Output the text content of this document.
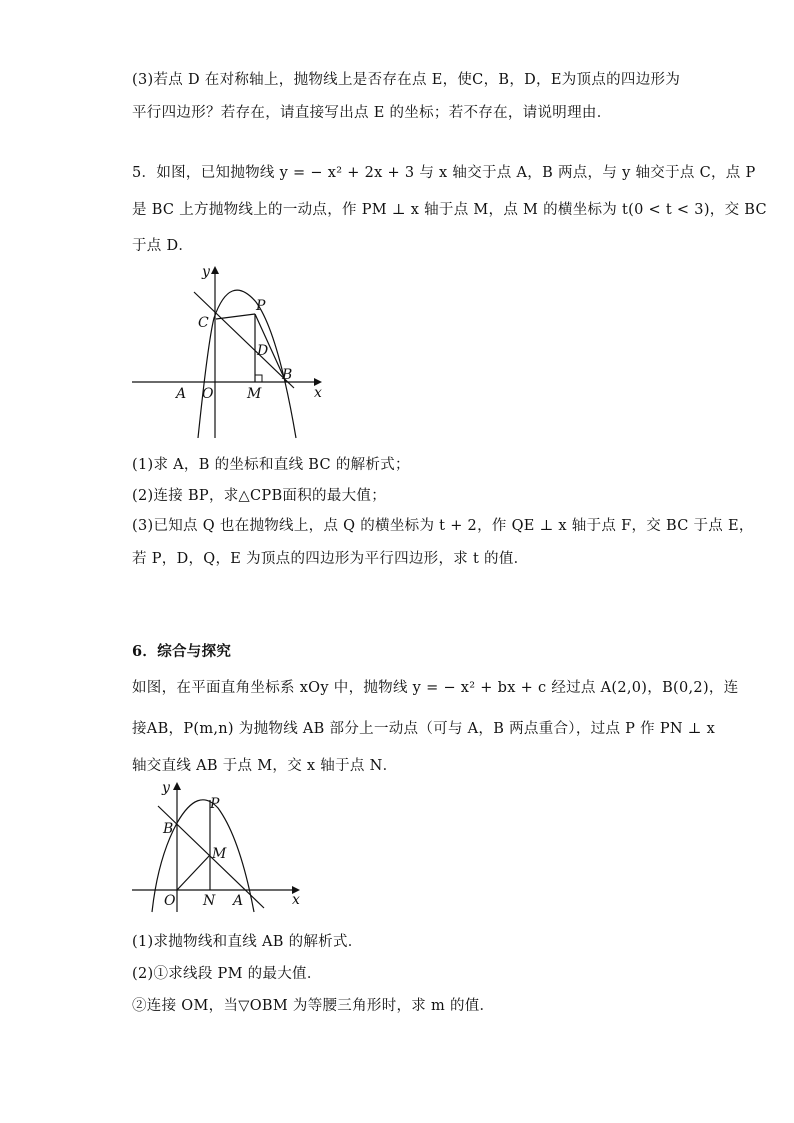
(3)若点 D 在对称轴上，抛物线上是否存在点 E，使C，B，D，E为顶点的四边形为
平行四边形？若存在，请直接写出点 E 的坐标；若不存在，请说明理由．
5．如图，已知抛物线 y = − x² + 2x + 3 与 x 轴交于点 A，B 两点，与 y 轴交于点 C，点 P
是 BC 上方抛物线上的一动点，作 PM ⊥ x 轴于点 M，点 M 的横坐标为 t(0 < t < 3)，交 BC
于点 D．
y
x
C
P
D
A O M
B
(1)求 A，B 的坐标和直线 BC 的解析式；
(2)连接 BP，求△CPB面积的最大值；
(3)已知点 Q 也在抛物线上，点 Q 的横坐标为 t + 2，作 QE ⊥ x 轴于点 F，交 BC 于点 E，
若 P，D，Q，E 为顶点的四边形为平行四边形，求 t 的值．
6．综合与探究
如图，在平面直角坐标系 xOy 中，抛物线 y = − x² + bx + c 经过点 A(2,0)，B(0,2)，连
接AB，P(m,n) 为抛物线 AB 部分上一动点（可与 A，B 两点重合），过点 P 作 PN ⊥ x
轴交直线 AB 于点 M，交 x 轴于点 N．
y
x
B
P
M
O N A
(1)求抛物线和直线 AB 的解析式．
(2)①求线段 PM 的最大值．
②连接 OM，当▽OBM 为等腰三角形时，求 m 的值．
